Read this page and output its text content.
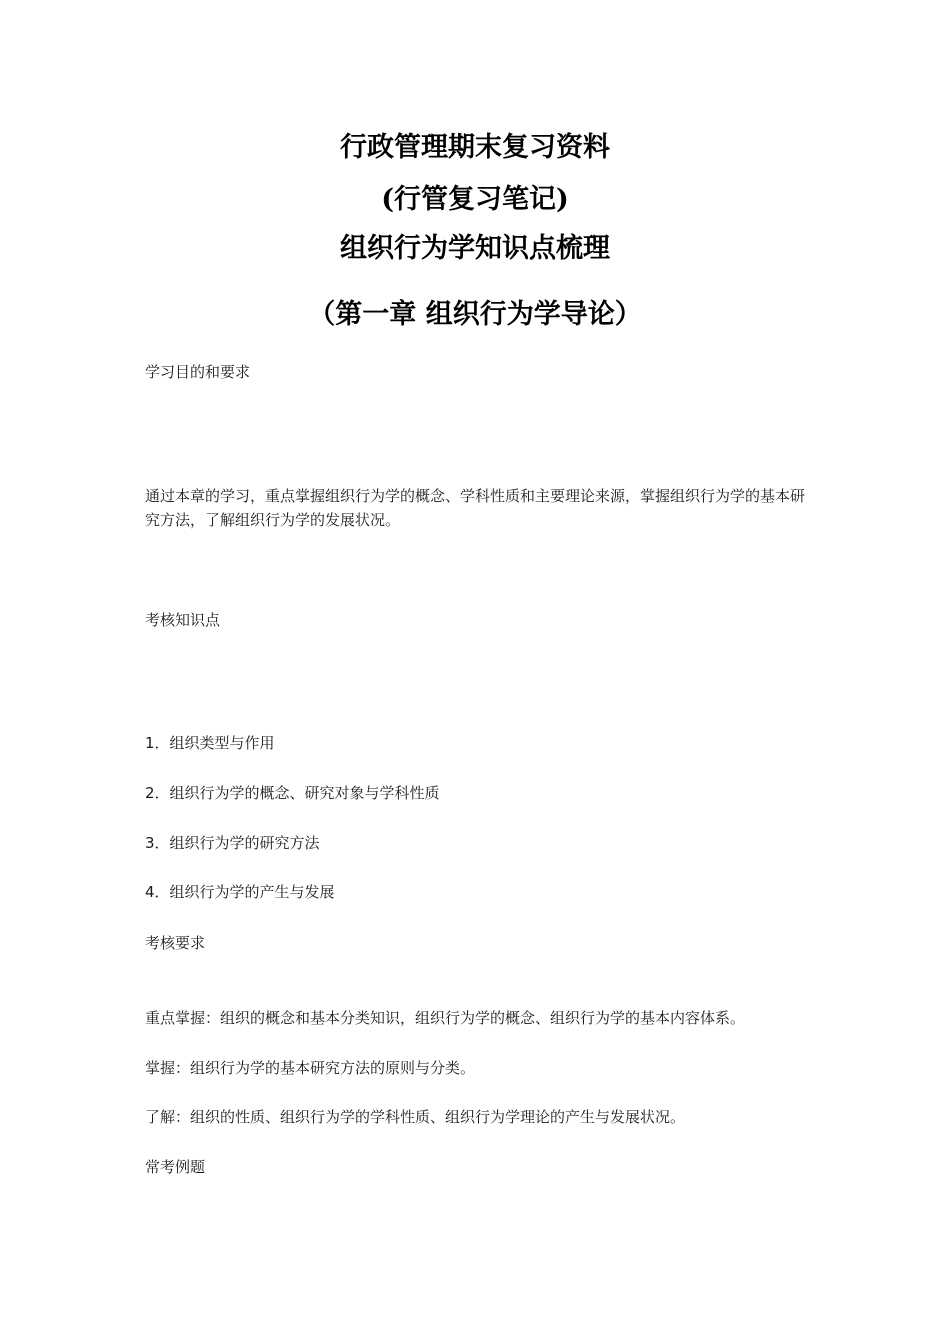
行政管理期末复习资料
(行管复习笔记)
组织行为学知识点梳理
（第一章 组织行为学导论）
学习目的和要求
通过本章的学习，重点掌握组织行为学的概念、学科性质和主要理论来源，掌握组织行为学的基本研究方法，了解组织行为学的发展状况。
考核知识点
1．组织类型与作用
2．组织行为学的概念、研究对象与学科性质
3．组织行为学的研究方法
4．组织行为学的产生与发展
考核要求
重点掌握：组织的概念和基本分类知识，组织行为学的概念、组织行为学的基本内容体系。
掌握：组织行为学的基本研究方法的原则与分类。
了解：组织的性质、组织行为学的学科性质、组织行为学理论的产生与发展状况。
常考例题
